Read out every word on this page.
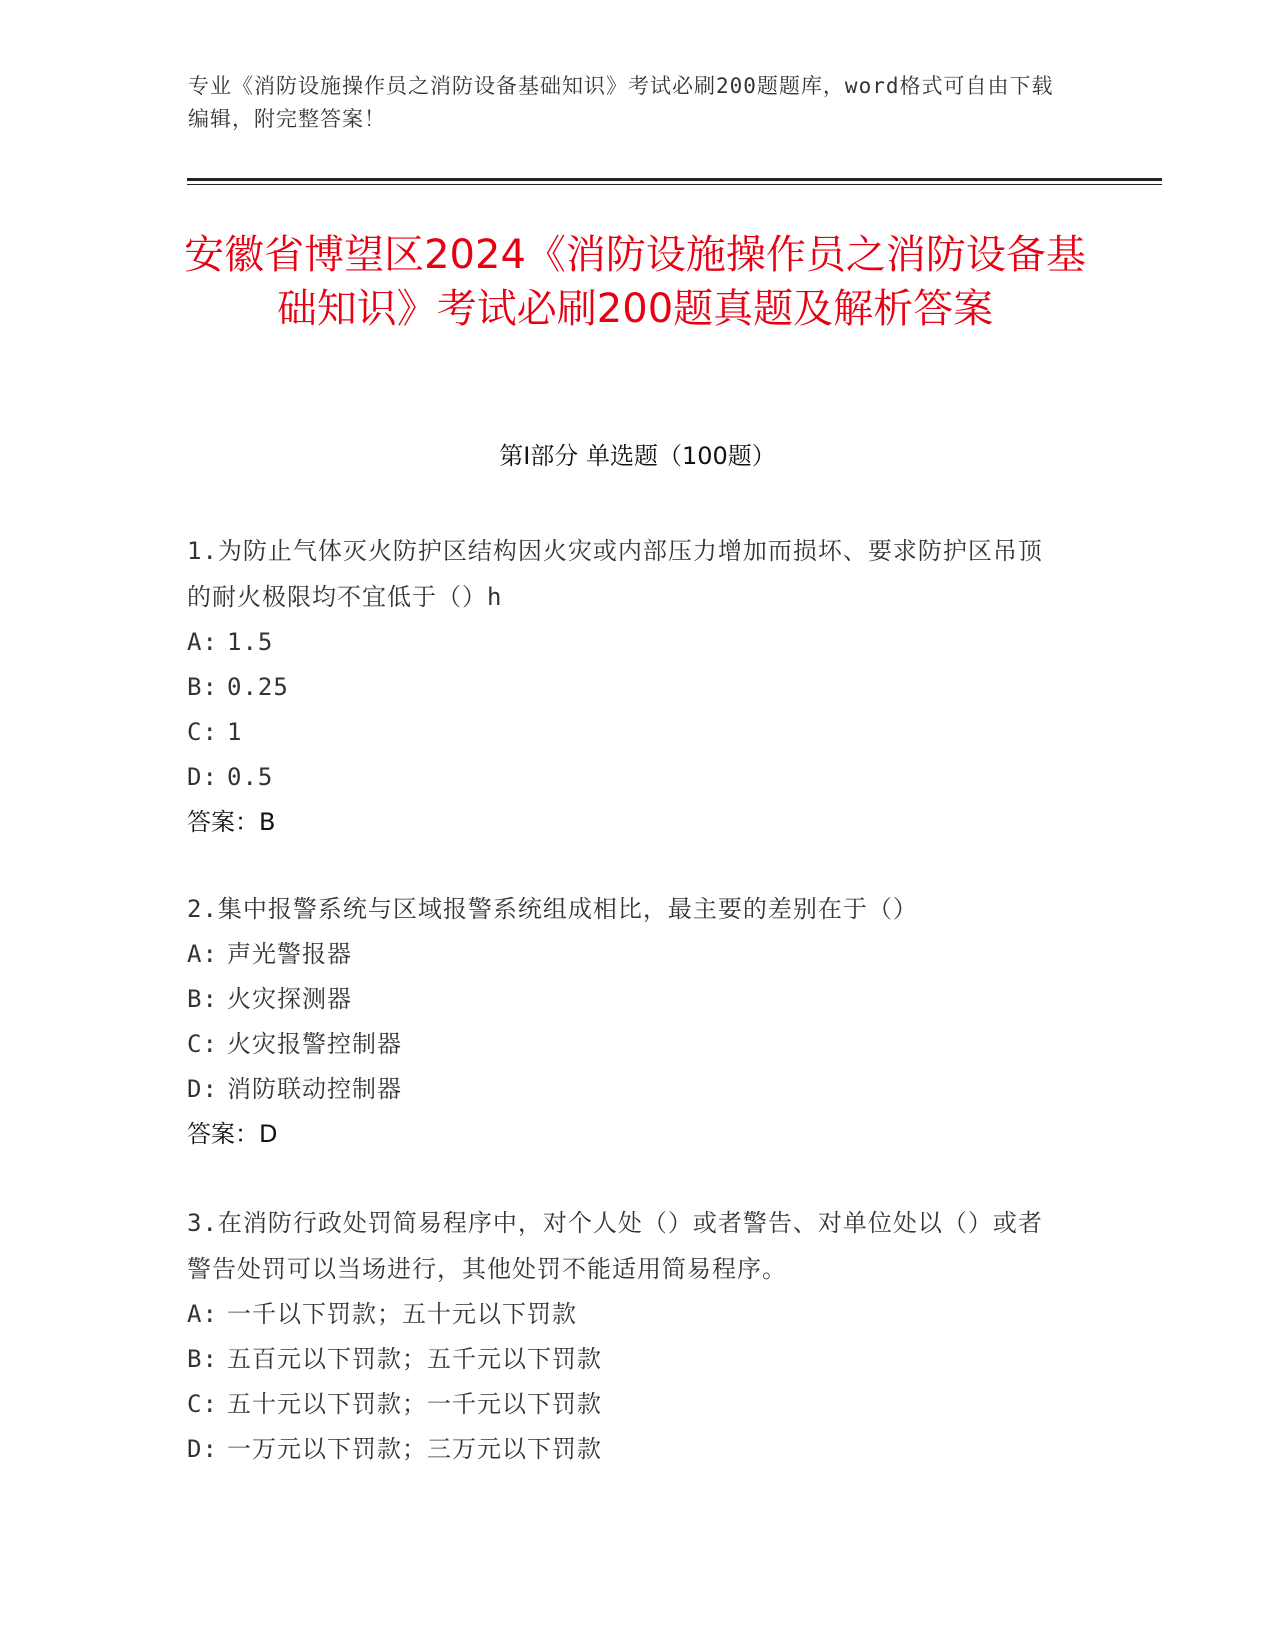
专业《消防设施操作员之消防设备基础知识》考试必刷200题题库，word格式可自由下载编辑，附完整答案！
安徽省博望区2024《消防设施操作员之消防设备基础知识》考试必刷200题真题及解析答案
第Ⅰ部分 单选题（100题）
1.为防止气体灭火防护区结构因火灾或内部压力增加而损坏、要求防护区吊顶的耐火极限均不宜低于（）h
A: 1.5
B: 0.25
C: 1
D: 0.5
答案：B
2.集中报警系统与区域报警系统组成相比，最主要的差别在于（）
A: 声光警报器
B: 火灾探测器
C: 火灾报警控制器
D: 消防联动控制器
答案：D
3.在消防行政处罚简易程序中，对个人处（）或者警告、对单位处以（）或者警告处罚可以当场进行，其他处罚不能适用简易程序。
A: 一千以下罚款；五十元以下罚款
B: 五百元以下罚款；五千元以下罚款
C: 五十元以下罚款；一千元以下罚款
D: 一万元以下罚款；三万元以下罚款
